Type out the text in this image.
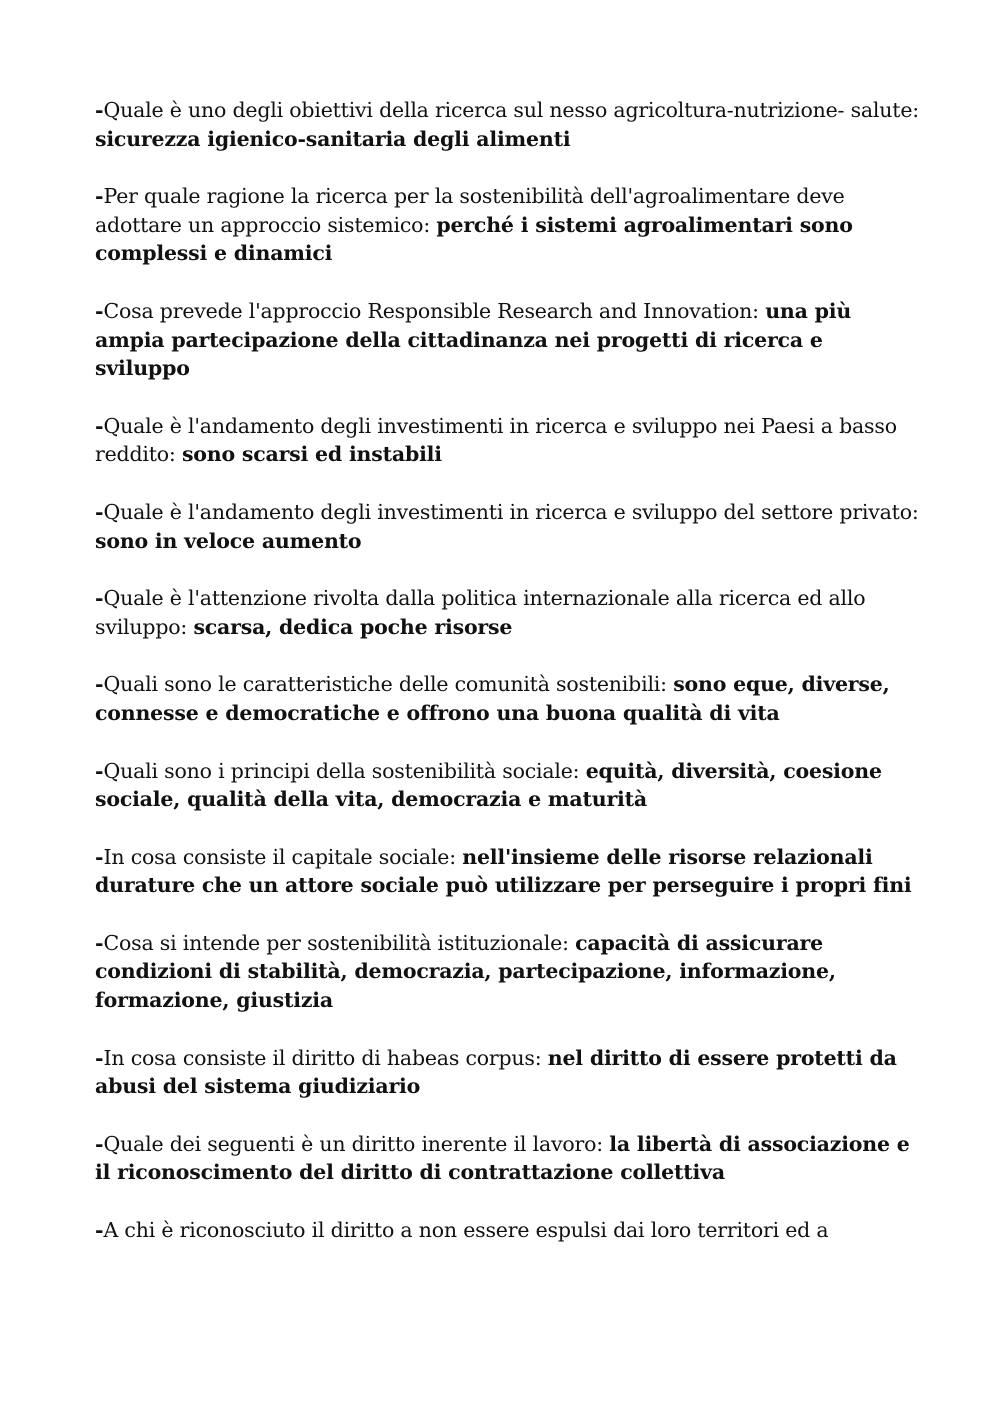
-Quale è uno degli obiettivi della ricerca sul nesso agricoltura-nutrizione- salute: sicurezza igienico-sanitaria degli alimenti

-Per quale ragione la ricerca per la sostenibilità dell'agroalimentare deve adottare un approccio sistemico: perché i sistemi agroalimentari sono complessi e dinamici

-Cosa prevede l'approccio Responsible Research and Innovation: una più ampia partecipazione della cittadinanza nei progetti di ricerca e sviluppo

-Quale è l'andamento degli investimenti in ricerca e sviluppo nei Paesi a basso reddito: sono scarsi ed instabili

-Quale è l'andamento degli investimenti in ricerca e sviluppo del settore privato: sono in veloce aumento

-Quale è l'attenzione rivolta dalla politica internazionale alla ricerca ed allo sviluppo: scarsa, dedica poche risorse

-Quali sono le caratteristiche delle comunità sostenibili: sono eque, diverse, connesse e democratiche e offrono una buona qualità di vita

-Quali sono i principi della sostenibilità sociale: equità, diversità, coesione sociale, qualità della vita, democrazia e maturità

-In cosa consiste il capitale sociale: nell'insieme delle risorse relazionali durature che un attore sociale può utilizzare per perseguire i propri fini

-Cosa si intende per sostenibilità istituzionale: capacità di assicurare condizioni di stabilità, democrazia, partecipazione, informazione, formazione, giustizia

-In cosa consiste il diritto di habeas corpus: nel diritto di essere protetti da abusi del sistema giudiziario

-Quale dei seguenti è un diritto inerente il lavoro: la libertà di associazione e il riconoscimento del diritto di contrattazione collettiva

-A chi è riconosciuto il diritto a non essere espulsi dai loro territori ed a
